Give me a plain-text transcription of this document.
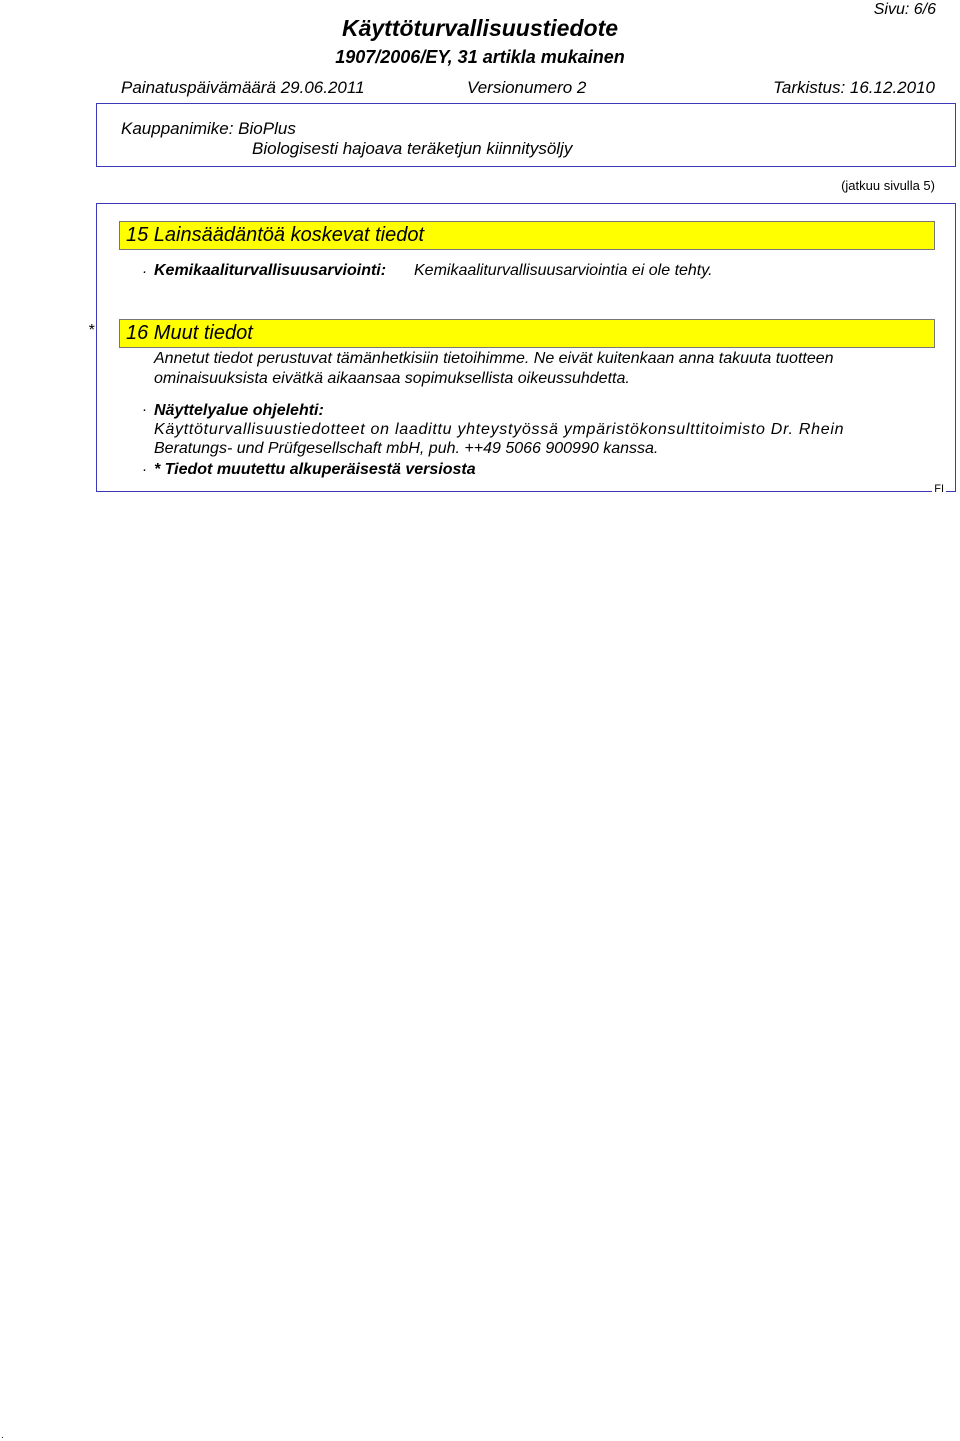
Sivu: 6/6
Käyttöturvallisuustiedote
1907/2006/EY, 31 artikla mukainen
Painatuspäivämäärä 29.06.2011	Versionumero 2	Tarkistus: 16.12.2010
Kauppanimike: BioPlus
Biologisesti hajoava teräketjun kiinnitysöljy
(jatkuu sivulla 5)
15 Lainsäädäntöä koskevat tiedot
· Kemikaaliturvallisuusarviointi: Kemikaaliturvallisuusarviointia ei ole tehty.
*	16 Muut tiedot
Annetut tiedot perustuvat tämänhetkisiin tietoihimme. Ne eivät kuitenkaan anna takuuta tuotteen
ominaisuuksista eivätkä aikaansaa sopimuksellista oikeussuhdetta.
· Näyttelyalue ohjelehti:
Käyttöturvallisuustiedotteet on laadittu yhteystyössä ympäristökonsulttitoimisto Dr. Rhein
Beratungs- und Prüfgesellschaft mbH, puh. ++49 5066 900990 kanssa.
· * Tiedot muutettu alkuperäisestä versiosta
FI
.
